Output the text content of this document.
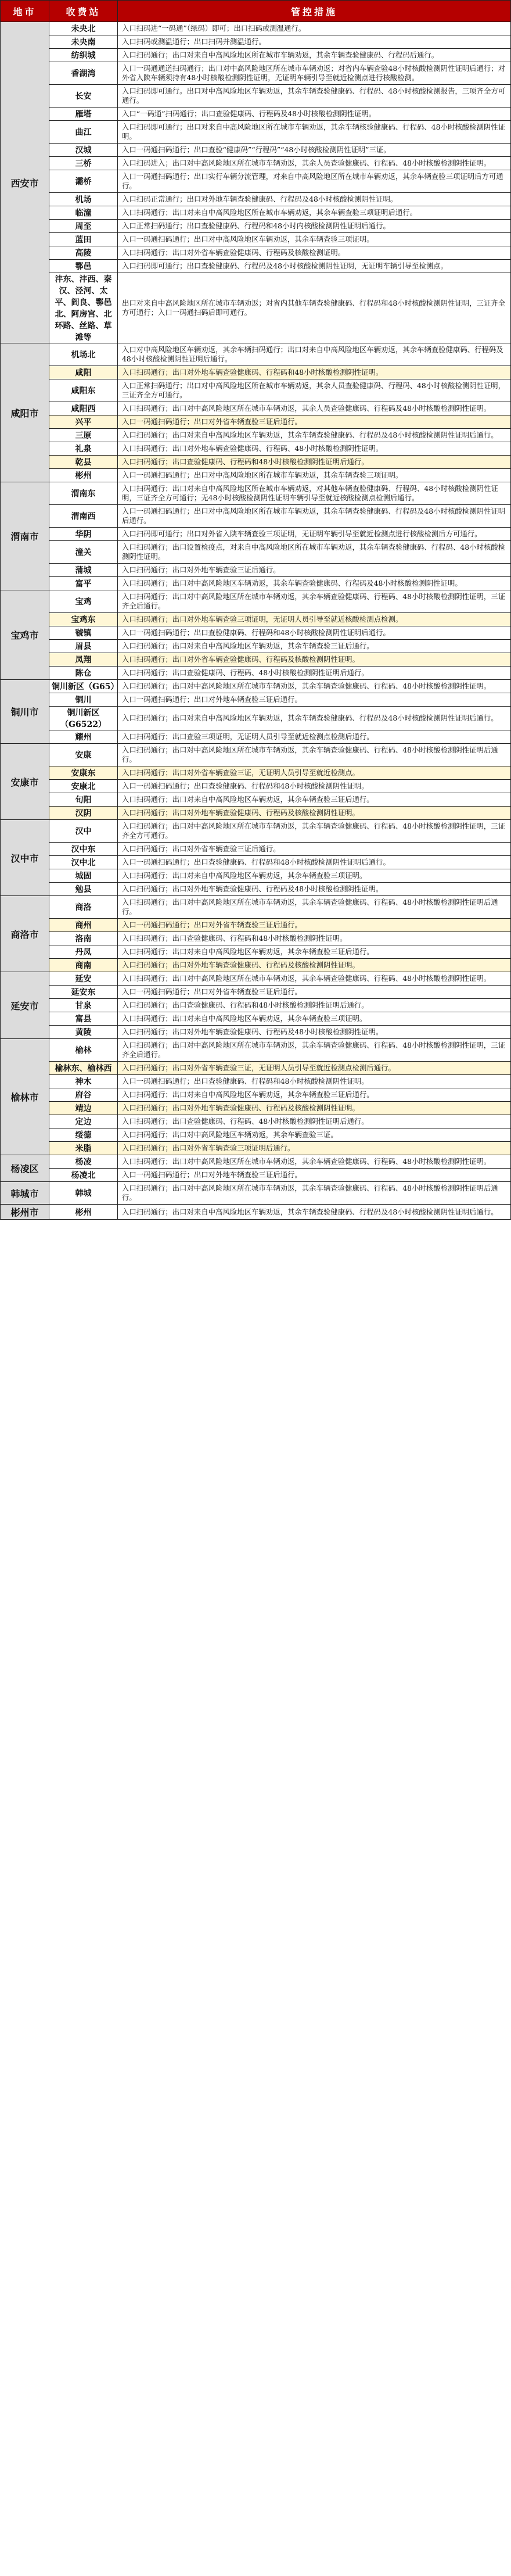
地市	收费站	管控措施
西安市	未央北	入口扫码进“一码通”（绿码）即可；出口扫码或测温通行。
	未央南	入口扫码或测温通行；出口扫码并测温通行。
	纺织城	入口扫码通行；出口对来自中高风险地区所在城市车辆劝返，其余车辆查验健康码、行程码后通行。
	香湖湾	入口一码通通道扫码通行；出口对中高风险地区所在城市车辆劝返；对省内车辆查验48小时核酸检测阴性证明后通行；对外省入陕车辆须持有48小时核酸检测阴性证明，无证明车辆引导至就近检测点进行核酸检测。
	长安	入口扫码即可通行。出口对中高风险地区车辆劝返，其余车辆查验健康码、行程码、48小时核酸检测报告，三项齐全方可通行。
	雁塔	入口“一码通”扫码通行；出口查验健康码、行程码及48小时核酸检测阴性证明。
	曲江	入口扫码即可通行；出口对来自中高风险地区所在城市车辆劝返，其余车辆核验健康码、行程码、48小时核酸检测阴性证明。
	汉城	入口一码通扫码通行；出口查验“健康码”“行程码”“48小时核酸检测阴性证明”三证。
	三桥	入口扫码进入；出口对中高风险地区所在城市车辆劝返，其余人员查验健康码、行程码、48小时核酸检测阴性证明。
	灞桥	入口一码通扫码通行；出口实行车辆分流管理，对来自中高风险地区所在城市车辆劝返，其余车辆查验三项证明后方可通行。
	机场	入口扫码正常通行；出口对外地车辆查验健康码、行程码及48小时核酸检测阴性证明。
	临潼	入口扫码通行；出口对来自中高风险地区所在城市车辆劝返，其余车辆查验三项证明后通行。
	周至	入口正常扫码通行；出口查验健康码、行程码和48小时内核酸检测阴性证明后通行。
	蓝田	入口一码通扫码通行；出口对中高风险地区车辆劝返，其余车辆查验三项证明。
	高陵	入口扫码通行；出口对外省车辆查验健康码、行程码及核酸检测证明。
	鄠邑	入口扫码即可通行；出口查验健康码、行程码及48小时核酸检测阴性证明，无证明车辆引导至检测点。
	沣东、沣西、秦汉、泾河、太平、阎良、鄠邑北、阿房宫、北环路、丝路、草滩等	出口对来自中高风险地区所在城市车辆劝返；对省内其他车辆查验健康码、行程码和48小时核酸检测阴性证明，三证齐全方可通行；入口一码通扫码后即可通行。
咸阳市	机场北	入口对中高风险地区车辆劝返，其余车辆扫码通行；出口对来自中高风险地区车辆劝返，其余车辆查验健康码、行程码及48小时核酸检测阴性证明后通行。
	咸阳	入口扫码通行；出口对外地车辆查验健康码、行程码和48小时核酸检测阴性证明。
	咸阳东	入口正常扫码通行；出口对中高风险地区所在城市车辆劝返，其余人员查验健康码、行程码、48小时核酸检测阴性证明，三证齐全方可通行。
	咸阳西	入口扫码通行；出口对中高风险地区所在城市车辆劝返，其余人员查验健康码、行程码及48小时核酸检测阴性证明。
	兴平	入口一码通扫码通行；出口对外省车辆查验三证后通行。
	三原	入口扫码通行；出口对来自中高风险地区车辆劝返，其余车辆查验健康码、行程码及48小时核酸检测阴性证明后通行。
	礼泉	入口扫码通行；出口对外地车辆查验健康码、行程码、48小时核酸检测阴性证明。
	乾县	入口扫码通行；出口查验健康码、行程码和48小时核酸检测阴性证明后通行。
	彬州	入口一码通扫码通行；出口对中高风险地区所在城市车辆劝返，其余车辆查验三项证明。
渭南市	渭南东	入口扫码通行；出口对来自中高风险地区所在城市车辆劝返，对其他车辆查验健康码、行程码、48小时核酸检测阴性证明，三证齐全方可通行；无48小时核酸检测阴性证明车辆引导至就近核酸检测点检测后通行。
	渭南西	入口一码通扫码通行；出口对中高风险地区所在城市车辆劝返，其余车辆查验健康码、行程码及48小时核酸检测阴性证明后通行。
	华阴	入口扫码即可通行；出口对外省入陕车辆查验三项证明，无证明车辆引导至就近检测点进行核酸检测后方可通行。
	潼关	入口扫码通行；出口设置检疫点，对来自中高风险地区所在城市车辆劝返，其余车辆查验健康码、行程码、48小时核酸检测阴性证明。
	蒲城	入口扫码通行；出口对外地车辆查验三证后通行。
	富平	入口扫码通行；出口对中高风险地区车辆劝返，其余车辆查验健康码、行程码及48小时核酸检测阴性证明。
宝鸡市	宝鸡	入口扫码通行；出口对中高风险地区所在城市车辆劝返，其余车辆查验健康码、行程码、48小时核酸检测阴性证明，三证齐全后通行。
	宝鸡东	入口扫码通行；出口对外地车辆查验三项证明，无证明人员引导至就近核酸检测点检测。
	虢镇	入口一码通扫码通行；出口查验健康码、行程码和48小时核酸检测阴性证明后通行。
	眉县	入口扫码通行；出口对来自中高风险地区车辆劝返，其余车辆查验三证后通行。
	凤翔	入口扫码通行；出口对外省车辆查验健康码、行程码及核酸检测阴性证明。
	陈仓	入口扫码通行；出口查验健康码、行程码、48小时核酸检测阴性证明后通行。
铜川市	铜川新区（G65）	入口扫码通行；出口对中高风险地区所在城市车辆劝返，其余车辆查验健康码、行程码、48小时核酸检测阴性证明。
	铜川	入口一码通扫码通行；出口对外地车辆查验三证后通行。
	铜川新区（G6522）	入口扫码通行；出口对来自中高风险地区车辆劝返，其余车辆查验健康码、行程码及48小时核酸检测阴性证明后通行。
	耀州	入口扫码通行；出口查验三项证明，无证明人员引导至就近检测点检测后通行。
安康市	安康	入口扫码通行；出口对中高风险地区所在城市车辆劝返，其余车辆查验健康码、行程码、48小时核酸检测阴性证明后通行。
	安康东	入口扫码通行；出口对外省车辆查验三证，无证明人员引导至就近检测点。
	安康北	入口一码通扫码通行；出口查验健康码、行程码和48小时核酸检测阴性证明。
	旬阳	入口扫码通行；出口对来自中高风险地区车辆劝返，其余车辆查验三证后通行。
	汉阴	入口扫码通行；出口对外地车辆查验健康码、行程码及核酸检测阴性证明。
汉中市	汉中	入口扫码通行；出口对中高风险地区所在城市车辆劝返，其余车辆查验健康码、行程码、48小时核酸检测阴性证明，三证齐全方可通行。
	汉中东	入口扫码通行；出口对外省车辆查验三证后通行。
	汉中北	入口一码通扫码通行；出口查验健康码、行程码和48小时核酸检测阴性证明后通行。
	城固	入口扫码通行；出口对来自中高风险地区车辆劝返，其余车辆查验三项证明。
	勉县	入口扫码通行；出口对外地车辆查验健康码、行程码及48小时核酸检测阴性证明。
商洛市	商洛	入口扫码通行；出口对中高风险地区所在城市车辆劝返，其余车辆查验健康码、行程码、48小时核酸检测阴性证明后通行。
	商州	入口一码通扫码通行；出口对外省车辆查验三证后通行。
	洛南	入口扫码通行；出口查验健康码、行程码和48小时核酸检测阴性证明。
	丹凤	入口扫码通行；出口对来自中高风险地区车辆劝返，其余车辆查验三证后通行。
	商南	入口扫码通行；出口对外地车辆查验健康码、行程码及核酸检测阴性证明。
延安市	延安	入口扫码通行；出口对中高风险地区所在城市车辆劝返，其余车辆查验健康码、行程码、48小时核酸检测阴性证明。
	延安东	入口一码通扫码通行；出口对外省车辆查验三证后通行。
	甘泉	入口扫码通行；出口查验健康码、行程码和48小时核酸检测阴性证明后通行。
	富县	入口扫码通行；出口对来自中高风险地区车辆劝返，其余车辆查验三项证明。
	黄陵	入口扫码通行；出口对外地车辆查验健康码、行程码及48小时核酸检测阴性证明。
榆林市	榆林	入口扫码通行；出口对中高风险地区所在城市车辆劝返，其余车辆查验健康码、行程码、48小时核酸检测阴性证明，三证齐全后通行。
	榆林东、榆林西	入口扫码通行；出口对外省车辆查验三证，无证明人员引导至就近检测点检测后通行。
	神木	入口一码通扫码通行；出口查验健康码、行程码和48小时核酸检测阴性证明。
	府谷	入口扫码通行；出口对来自中高风险地区车辆劝返，其余车辆查验三证后通行。
	靖边	入口扫码通行；出口对外地车辆查验健康码、行程码及核酸检测阴性证明。
	定边	入口扫码通行；出口查验健康码、行程码、48小时核酸检测阴性证明后通行。
	绥德	入口扫码通行；出口对中高风险地区车辆劝返，其余车辆查验三证。
	米脂	入口扫码通行；出口对外省车辆查验三项证明后通行。
杨凌区	杨凌	入口扫码通行；出口对中高风险地区所在城市车辆劝返，其余车辆查验健康码、行程码、48小时核酸检测阴性证明。
	杨凌北	入口一码通扫码通行；出口对外地车辆查验三证后通行。
韩城市	韩城	入口扫码通行；出口对中高风险地区所在城市车辆劝返，其余车辆查验健康码、行程码、48小时核酸检测阴性证明后通行。
彬州市	彬州	入口扫码通行；出口对来自中高风险地区车辆劝返，其余车辆查验健康码、行程码及48小时核酸检测阴性证明后通行。
